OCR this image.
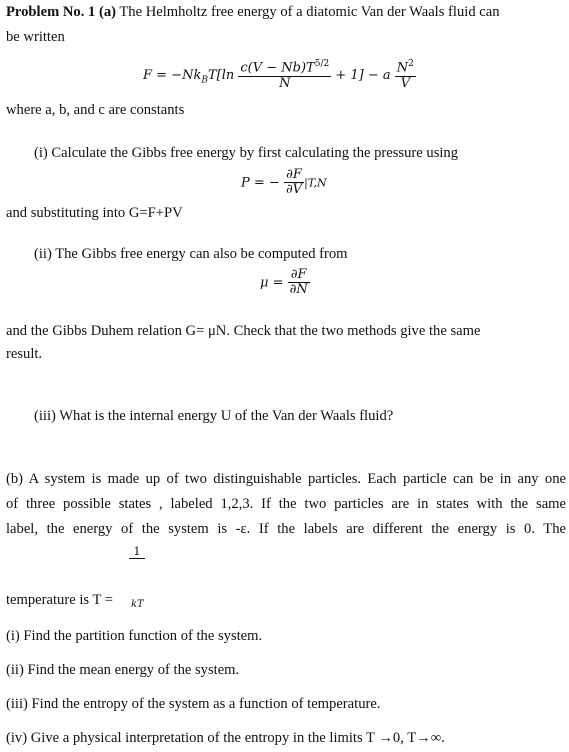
Problem No. 1 (a) The Helmholtz free energy of a diatomic Van der Waals fluid can
be written
$F = -Nk_BT[\ln \frac{c(V - Nb)T^{5/2}}{N} + 1] - a \frac{N^2}{V}$
where a, b, and c are constants
(i) Calculate the Gibbs free energy by first calculating the pressure using
P = − $\frac{\partial F}{\partial V} |T,N$
and substituting into G=F+PV
(ii) The Gibbs free energy can also be computed from
$\mu = \frac{\partial F}{\partial N}$
and the Gibbs Duhem relation G= μN. Check that the two methods give the same
result.
(iii) What is the internal energy U of the Van der Waals fluid?
(b) A system is made up of two distinguishable particles. Each particle can be in any one
of three possible states , labeled 1,2,3. If the two particles are in states with the same
label, the energy of the system is -ε. If the labels are different the energy is 0. The
temperature is T =
1
kT
(i) Find the partition function of the system.
(ii) Find the mean energy of the system.
(iii) Find the entropy of the system as a function of temperature.
(iv) Give a physical interpretation of the entropy in the limits T →0, T→∞.
